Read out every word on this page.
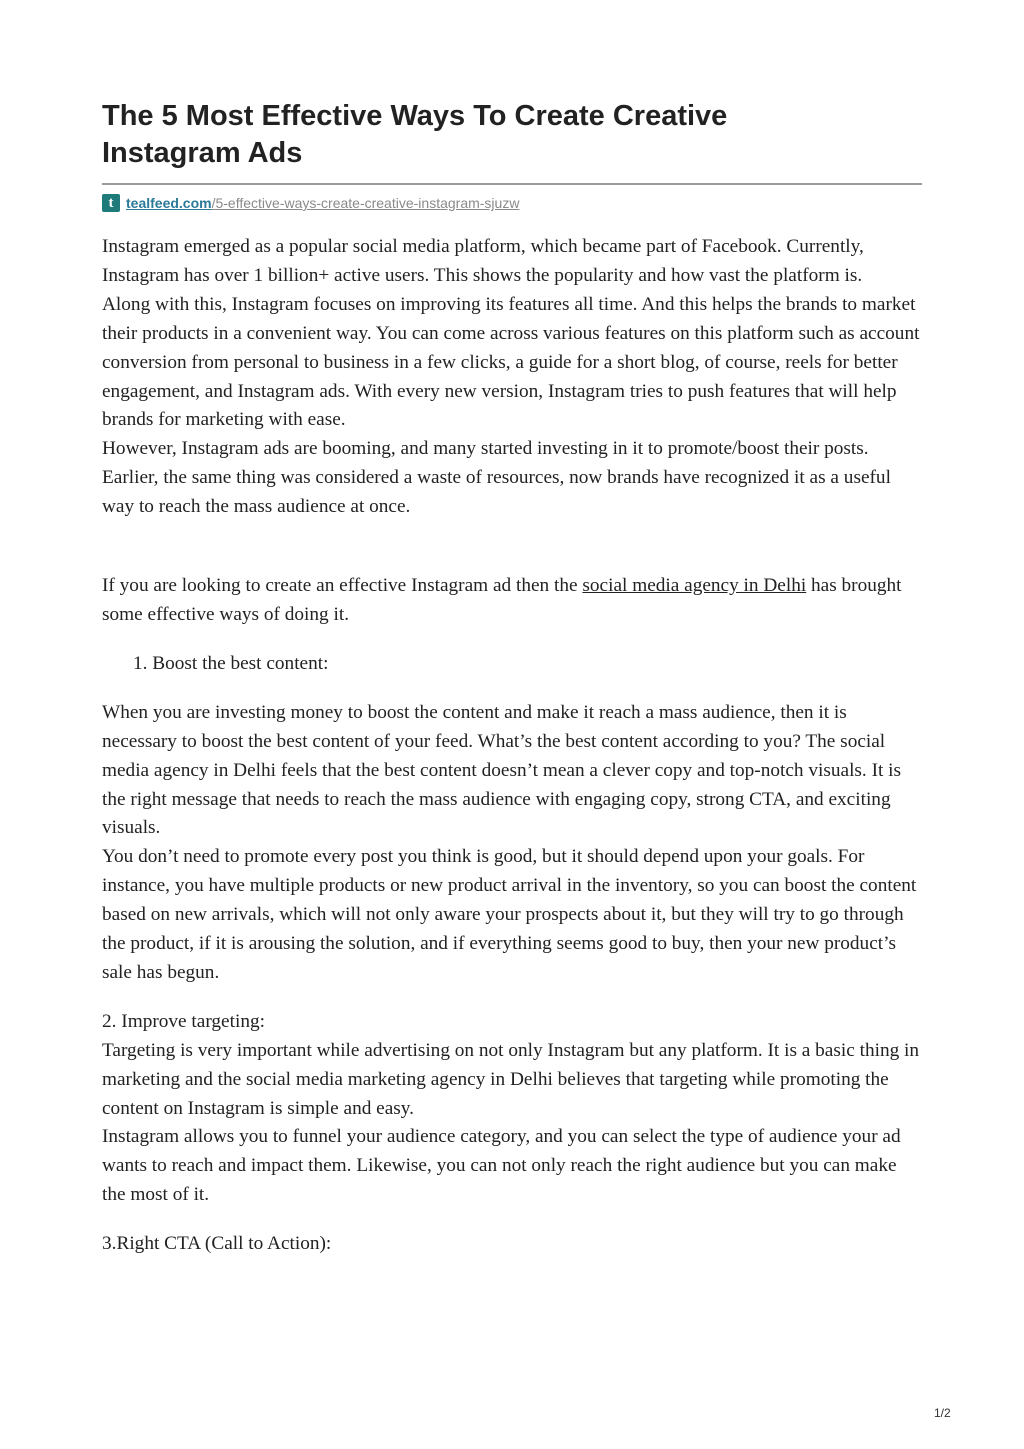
The 5 Most Effective Ways To Create Creative
Instagram Ads
t tealfeed.com /5-effective-ways-create-creative-instagram-sjuzw

Instagram emerged as a popular social media platform, which became part of Facebook. Currently, Instagram has over 1 billion+ active users. This shows the popularity and how vast the platform is.

Along with this, Instagram focuses on improving its features all time. And this helps the brands to market their products in a convenient way. You can come across various features on this platform such as account conversion from personal to business in a few clicks, a guide for a short blog, of course, reels for better engagement, and Instagram ads. With every new version, Instagram tries to push features that will help brands for marketing with ease.

However, Instagram ads are booming, and many started investing in it to promote/boost their posts. Earlier, the same thing was considered a waste of resources, now brands have recognized it as a useful way to reach the mass audience at once.

If you are looking to create an effective Instagram ad then the social media agency in Delhi has brought some effective ways of doing it.

1. Boost the best content:

When you are investing money to boost the content and make it reach a mass audience, then it is necessary to boost the best content of your feed. What’s the best content according to you? The social media agency in Delhi feels that the best content doesn’t mean a clever copy and top-notch visuals. It is the right message that needs to reach the mass audience with engaging copy, strong CTA, and exciting visuals.

You don’t need to promote every post you think is good, but it should depend upon your goals. For instance, you have multiple products or new product arrival in the inventory, so you can boost the content based on new arrivals, which will not only aware your prospects about it, but they will try to go through the product, if it is arousing the solution, and if everything seems good to buy, then your new product’s sale has begun.

2. Improve targeting:

Targeting is very important while advertising on not only Instagram but any platform. It is a basic thing in marketing and the social media marketing agency in Delhi believes that targeting while promoting the content on Instagram is simple and easy.

Instagram allows you to funnel your audience category, and you can select the type of audience your ad wants to reach and impact them. Likewise, you can not only reach the right audience but you can make the most of it.

3.Right CTA (Call to Action):

1/2
